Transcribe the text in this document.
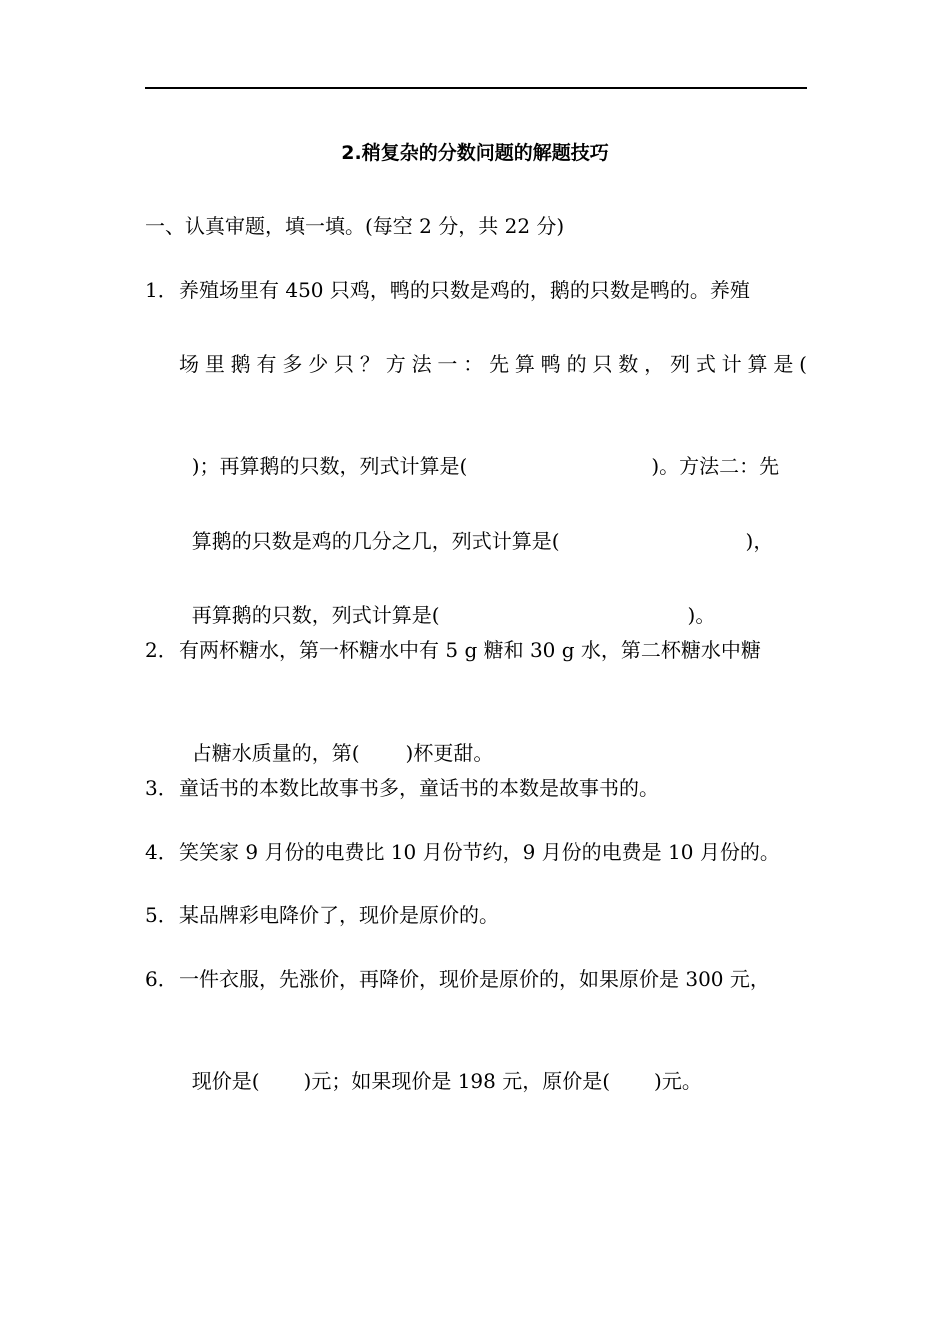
2.稍复杂的分数问题的解题技巧
一、认真审题，填一填。(每空 2 分，共 22 分)
1． 养殖场里有 450 只鸡，鸭的只数是鸡的，鹅的只数是鸭的。养殖
场里鹅有多少只？方法一：先算鸭的只数，列式计算是(

)；再算鹅的只数，列式计算是(	)。方法二：先

算鹅的只数是鸡的几分之几，列式计算是(	)，

再算鹅的只数，列式计算是(	)。

2． 有两杯糖水，第一杯糖水中有 5 g 糖和 30 g 水，第二杯糖水中糖

占糖水质量的，第( )杯更甜。

3． 童话书的本数比故事书多，童话书的本数是故事书的。
4． 笑笑家 9 月份的电费比 10 月份节约，9 月份的电费是 10 月份的。
5． 某品牌彩电降价了，现价是原价的。
6． 一件衣服，先涨价，再降价，现价是原价的，如果原价是 300 元，

现价是( )元；如果现价是 198 元，原价是( )元。
